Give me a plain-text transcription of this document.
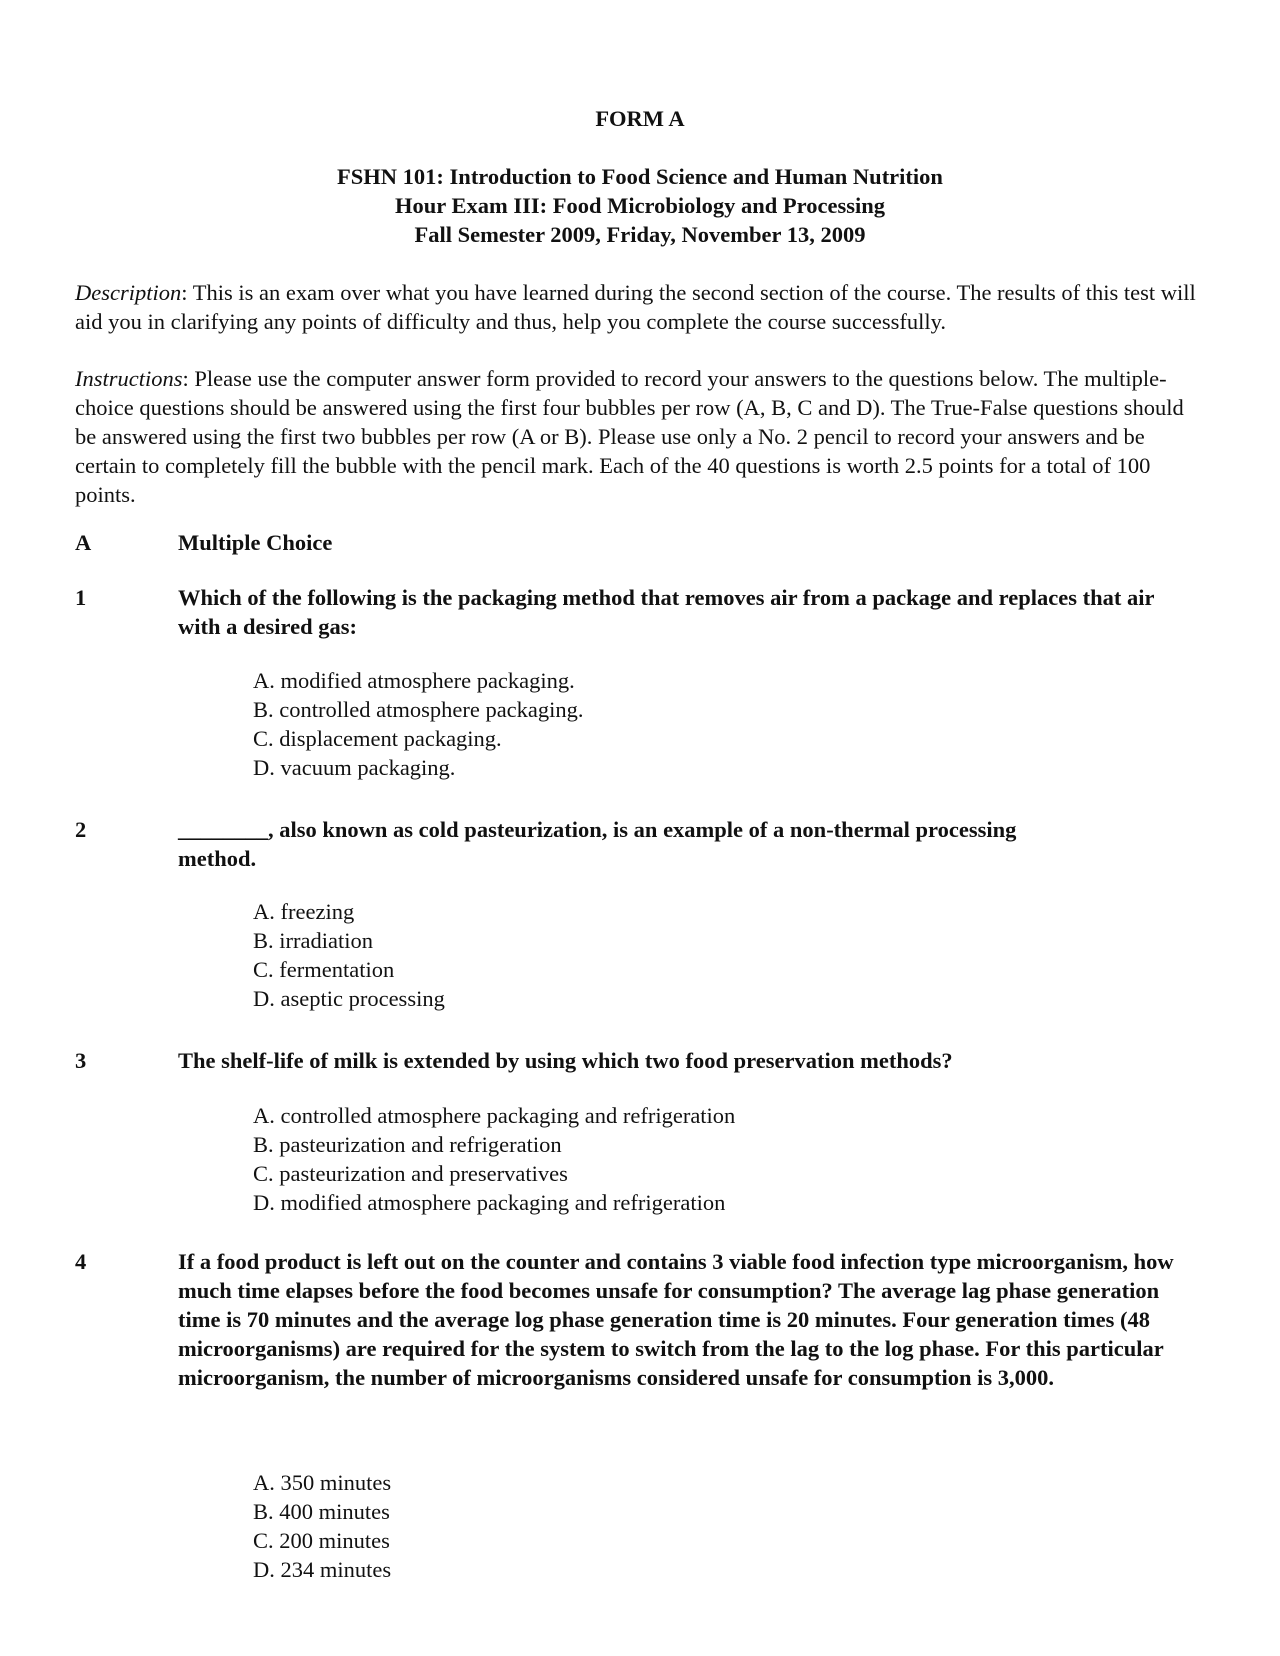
FORM A
FSHN 101: Introduction to Food Science and Human Nutrition
Hour Exam III: Food Microbiology and Processing
Fall Semester 2009, Friday, November 13, 2009
Description: This is an exam over what you have learned during the second section of the course. The results of this test will aid you in clarifying any points of difficulty and thus, help you complete the course successfully.
Instructions: Please use the computer answer form provided to record your answers to the questions below. The multiple-choice questions should be answered using the first four bubbles per row (A, B, C and D). The True-False questions should be answered using the first two bubbles per row (A or B). Please use only a No. 2 pencil to record your answers and be certain to completely fill the bubble with the pencil mark. Each of the 40 questions is worth 2.5 points for a total of 100 points.
A	Multiple Choice
1	Which of the following is the packaging method that removes air from a package and replaces that air with a desired gas:
A. modified atmosphere packaging.
B. controlled atmosphere packaging.
C. displacement packaging.
D. vacuum packaging.
2	________, also known as cold pasteurization, is an example of a non-thermal processing
method.
A. freezing
B. irradiation
C. fermentation
D. aseptic processing
3	The shelf-life of milk is extended by using which two food preservation methods?
A. controlled atmosphere packaging and refrigeration
B. pasteurization and refrigeration
C. pasteurization and preservatives
D. modified atmosphere packaging and refrigeration
4	If a food product is left out on the counter and contains 3 viable food infection type microorganism, how much time elapses before the food becomes unsafe for consumption? The average lag phase generation time is 70 minutes and the average log phase generation time is 20 minutes. Four generation times (48 microorganisms) are required for the system to switch from the lag to the log phase. For this particular microorganism, the number of microorganisms considered unsafe for consumption is 3,000.
A. 350 minutes
B. 400 minutes
C. 200 minutes
D. 234 minutes
